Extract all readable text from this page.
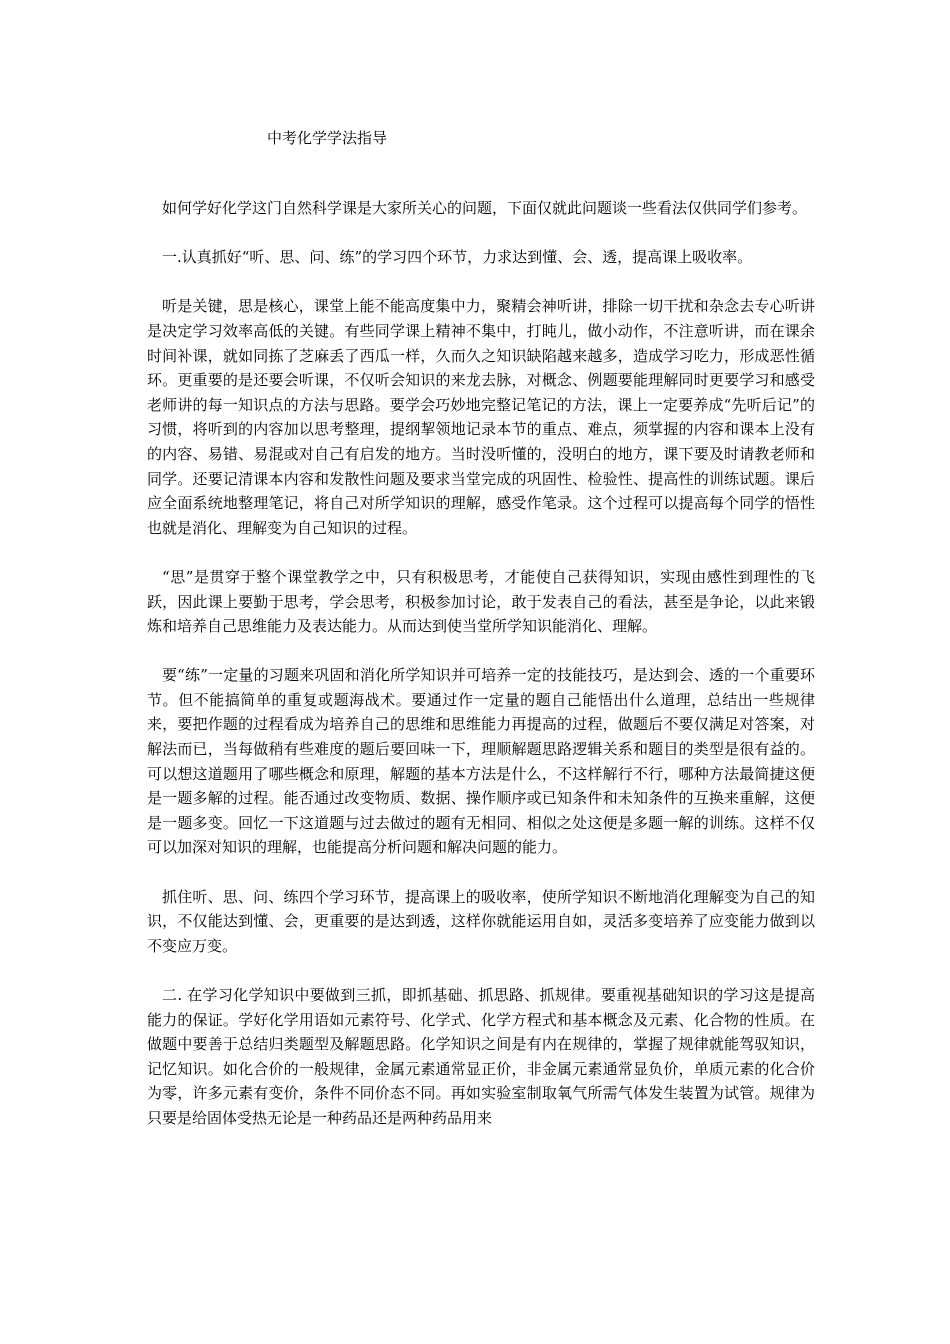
中考化学学法指导

如何学好化学这门自然科学课是大家所关心的问题，下面仅就此问题谈一些看法仅供同学们参考。

一.认真抓好“听、思、问、练”的学习四个环节，力求达到懂、会、透，提高课上吸收率。

听是关键，思是核心，课堂上能不能高度集中力，聚精会神听讲，排除一切干扰和杂念去专心听讲是决定学习效率高低的关键。有些同学课上精神不集中，打盹儿，做小动作，不注意听讲，而在课余时间补课，就如同拣了芝麻丢了西瓜一样，久而久之知识缺陷越来越多，造成学习吃力，形成恶性循环。更重要的是还要会听课，不仅听会知识的来龙去脉，对概念、例题要能理解同时更要学习和感受老师讲的每一知识点的方法与思路。要学会巧妙地完整记笔记的方法，课上一定要养成“先听后记”的习惯，将听到的内容加以思考整理，提纲挈领地记录本节的重点、难点，须掌握的内容和课本上没有的内容、易错、易混或对自己有启发的地方。当时没听懂的，没明白的地方，课下要及时请教老师和同学。还要记清课本内容和发散性问题及要求当堂完成的巩固性、检验性、提高性的训练试题。课后应全面系统地整理笔记，将自己对所学知识的理解，感受作笔录。这个过程可以提高每个同学的悟性也就是消化、理解变为自己知识的过程。

“思”是贯穿于整个课堂教学之中，只有积极思考，才能使自己获得知识，实现由感性到理性的飞跃，因此课上要勤于思考，学会思考，积极参加讨论，敢于发表自己的看法，甚至是争论，以此来锻炼和培养自己思维能力及表达能力。从而达到使当堂所学知识能消化、理解。

要“练”一定量的习题来巩固和消化所学知识并可培养一定的技能技巧，是达到会、透的一个重要环节。但不能搞简单的重复或题海战术。要通过作一定量的题自己能悟出什么道理，总结出一些规律来，要把作题的过程看成为培养自己的思维和思维能力再提高的过程，做题后不要仅满足对答案，对解法而已，当每做稍有些难度的题后要回味一下，理顺解题思路逻辑关系和题目的类型是很有益的。可以想这道题用了哪些概念和原理，解题的基本方法是什么，不这样解行不行，哪种方法最简捷这便是一题多解的过程。能否通过改变物质、数据、操作顺序或已知条件和未知条件的互换来重解，这便是一题多变。回忆一下这道题与过去做过的题有无相同、相似之处这便是多题一解的训练。这样不仅可以加深对知识的理解，也能提高分析问题和解决问题的能力。

抓住听、思、问、练四个学习环节，提高课上的吸收率，使所学知识不断地消化理解变为自己的知识，不仅能达到懂、会，更重要的是达到透，这样你就能运用自如，灵活多变培养了应变能力做到以不变应万变。

二. 在学习化学知识中要做到三抓，即抓基础、抓思路、抓规律。要重视基础知识的学习这是提高能力的保证。学好化学用语如元素符号、化学式、化学方程式和基本概念及元素、化合物的性质。在做题中要善于总结归类题型及解题思路。化学知识之间是有内在规律的，掌握了规律就能驾驭知识，记忆知识。如化合价的一般规律，金属元素通常显正价，非金属元素通常显负价，单质元素的化合价为零，许多元素有变价，条件不同价态不同。再如实验室制取氧气所需气体发生装置为试管。规律为只要是给固体受热无论是一种药品还是两种药品用来
